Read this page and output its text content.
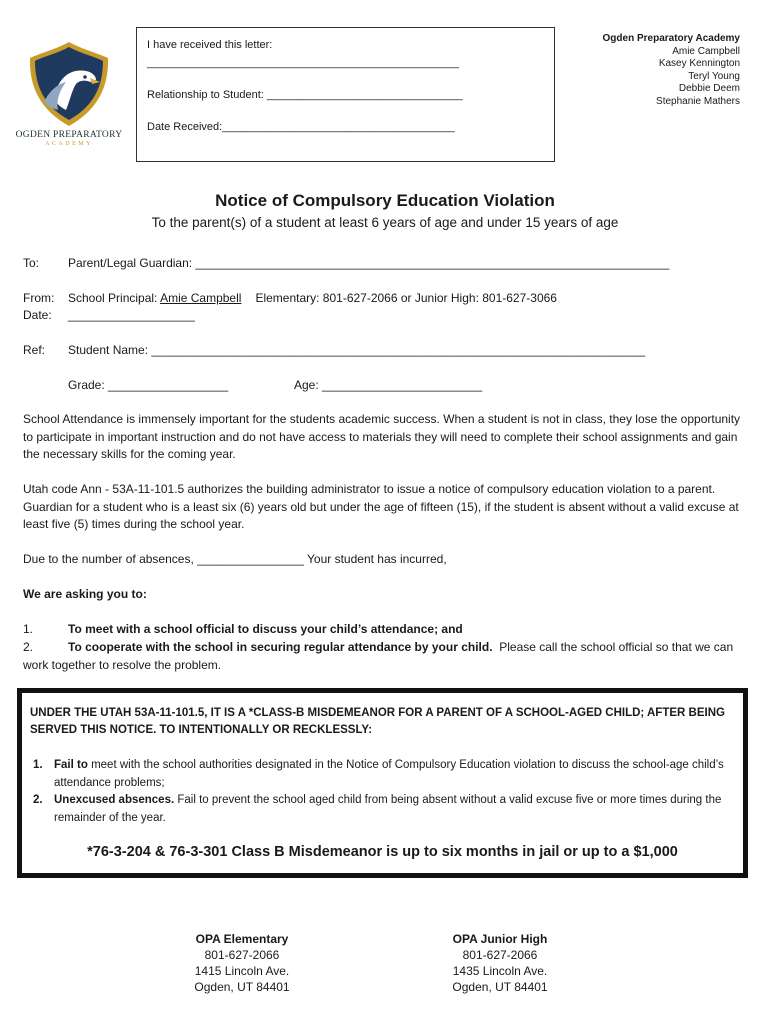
OGDEN PREPARATORY
ACADEMY
I have received this letter:
___________________________________________________
Relationship to Student: ________________________________
Date Received:______________________________________
Ogden Preparatory Academy
Amie Campbell
Kasey Kennington
Teryl Young
Debbie Deem
Stephanie Mathers
Notice of Compulsory Education Violation
To the parent(s) of a student at least 6 years of age and under 15 years of age
To: Parent/Legal Guardian: _______________________________________________________________________
From: School Principal: Amie Campbell Elementary: 801-627-2066 or Junior High: 801-627-3066
Date: ___________________
Ref: Student Name: __________________________________________________________________________
Grade: __________________	Age: ________________________
School Attendance is immensely important for the students academic success. When a student is not in class, they lose the opportunity to participate in important instruction and do not have access to materials they will need to complete their school assignments and gain the necessary skills for the coming year.
Utah code Ann - 53A-11-101.5 authorizes the building administrator to issue a notice of compulsory education violation to a parent. Guardian for a student who is a least six (6) years old but under the age of fifteen (15), if the student is absent without a valid excuse at least five (5) times during the school year.
Due to the number of absences, ________________ Your student has incurred,
We are asking you to:
1.	To meet with a school official to discuss your child’s attendance; and
2.	To cooperate with the school in securing regular attendance by your child. Please call the school official so that we can work together to resolve the problem.
UNDER THE UTAH 53A-11-101.5, IT IS A *CLASS-B MISDEMEANOR FOR A PARENT OF A SCHOOL-AGED CHILD; AFTER BEING SERVED THIS NOTICE. TO INTENTIONALLY OR RECKLESSLY:
1. Fail to meet with the school authorities designated in the Notice of Compulsory Education violation to discuss the school-age child’s attendance problems;
2. Unexcused absences. Fail to prevent the school aged child from being absent without a valid excuse five or more times during the remainder of the year.
*76-3-204 & 76-3-301 Class B Misdemeanor is up to six months in jail or up to a $1,000
OPA Elementary
801-627-2066
1415 Lincoln Ave.
Ogden, UT 84401
OPA Junior High
801-627-2066
1435 Lincoln Ave.
Ogden, UT 84401
